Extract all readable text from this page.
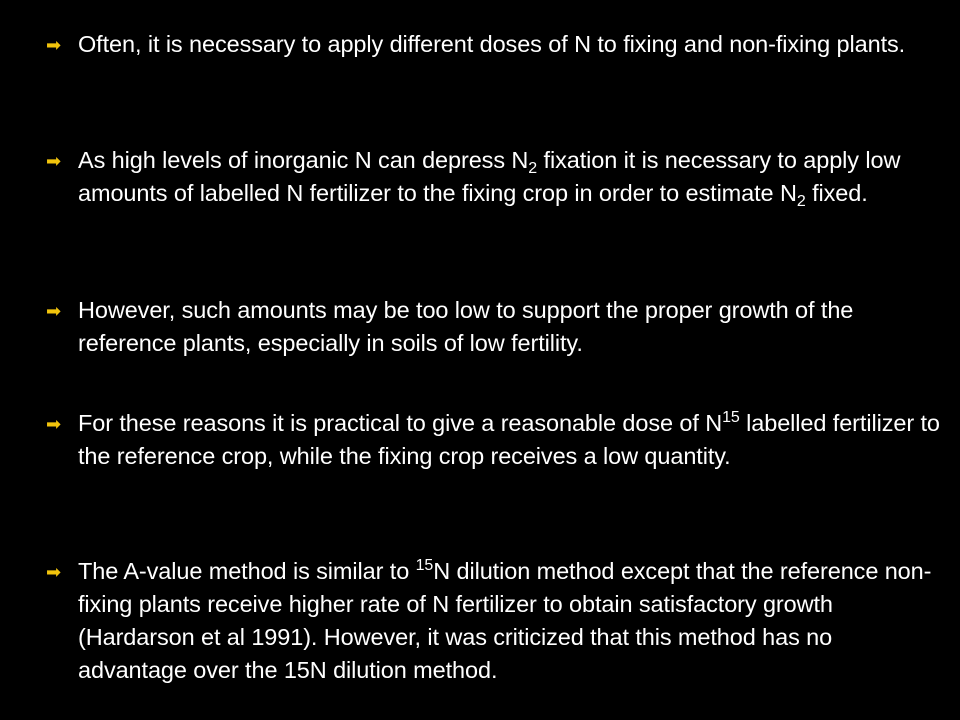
➡ Often, it is necessary to apply different doses of N to fixing and non-fixing plants.
➡ As high levels of inorganic N can depress $N_2$ fixation it is necessary to apply low amounts of labelled N fertilizer to the fixing crop in order to estimate $N_2$ fixed.
➡ However, such amounts may be too low to support the proper growth of the reference plants, especially in soils of low fertility.
➡ For these reasons it is practical to give a reasonable dose of $N^{15}$ labelled fertilizer to the reference crop, while the fixing crop receives a low quantity.
➡ The A-value method is similar to $^{15}$N dilution method except that the reference non-fixing plants receive higher rate of N fertilizer to obtain satisfactory growth (Hardarson et al 1991). However, it was criticized that this method has no advantage over the 15N dilution method.
